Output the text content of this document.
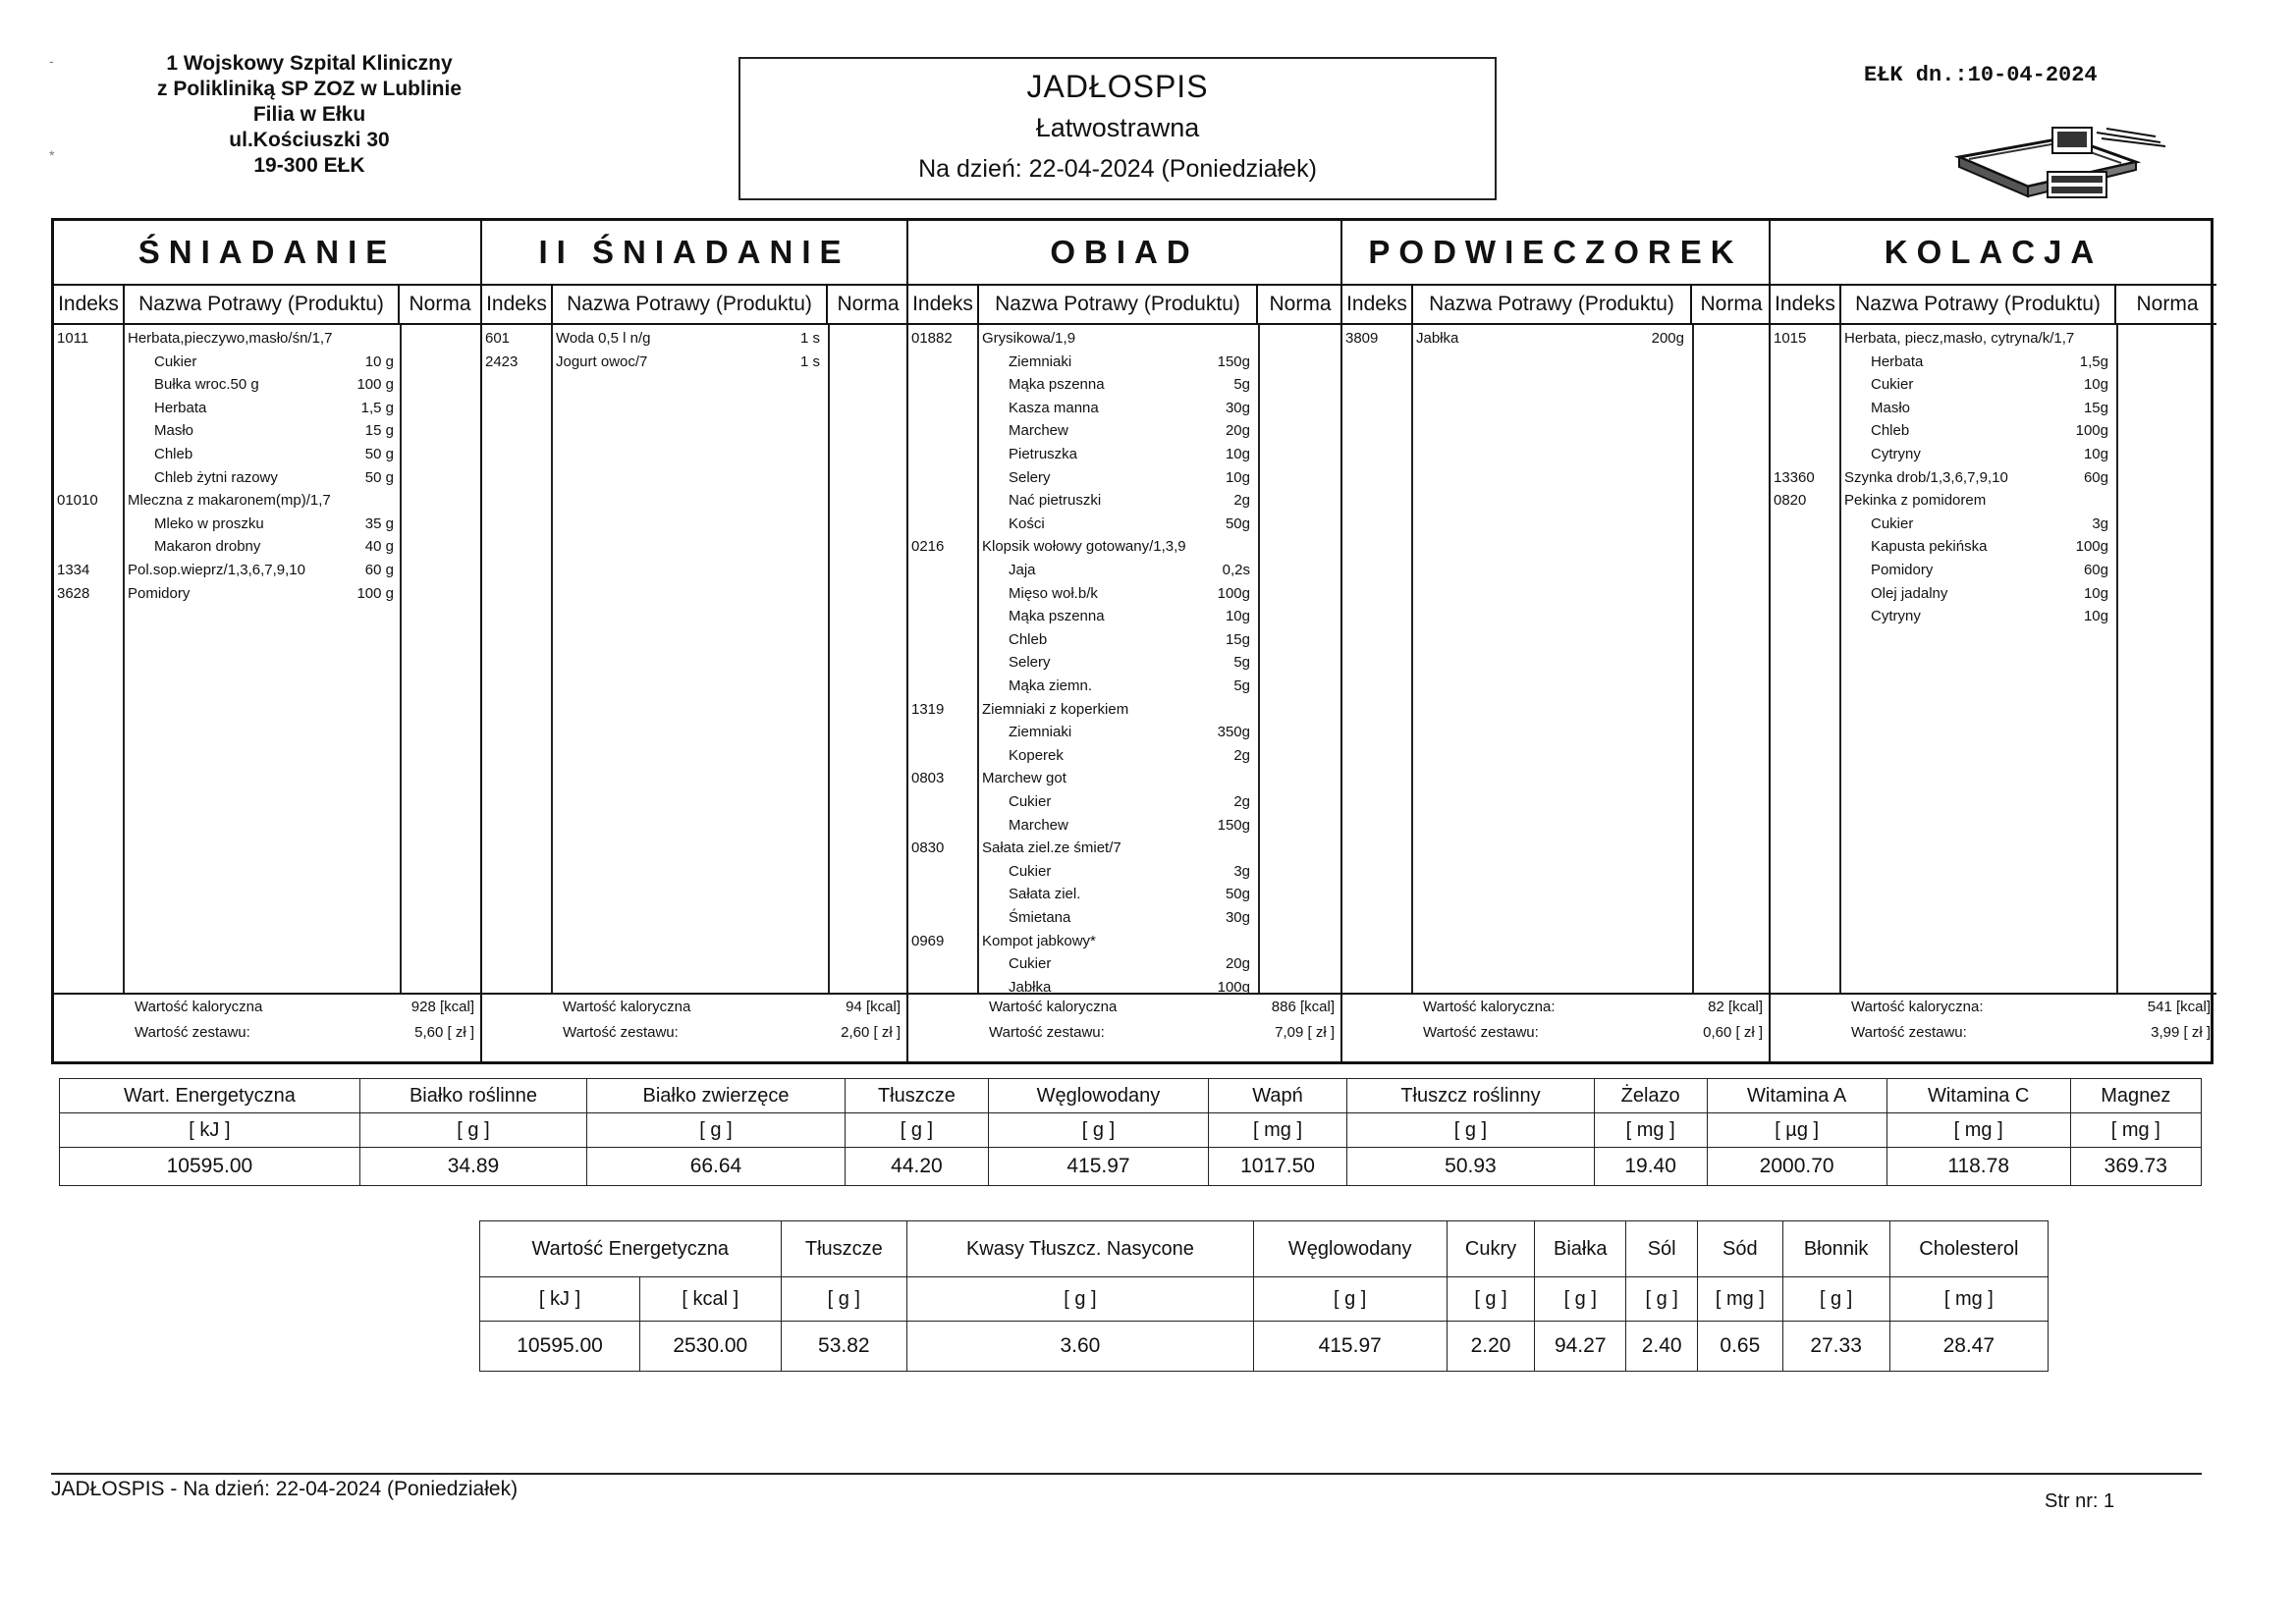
-
*
1 Wojskowy Szpital Kliniczny
z Polikliniką SP ZOZ w Lublinie
Filia w Ełku
ul.Kościuszki 30
19-300 EŁK
JADŁOSPIS
Łatwostrawna
Na dzień: 22-04-2024 (Poniedziałek)
EŁK dn.:10-04-2024
ŚNIADANIE
Indeks Nazwa Potrawy (Produktu)	Norma
1011	Herbata,pieczywo,masło/śn/1,7
Cukier	10 g
Bułka wroc.50 g	100 g
Herbata	1,5 g
Masło	15 g
Chleb	50 g
Chleb żytni razowy	50 g
01010 Mleczna z makaronem(mp)/1,7
Mleko w proszku	35 g
Makaron drobny	40 g
1334	Pol.sop.wieprz/1,3,6,7,9,10	60 g
3628	Pomidory	100 g
Wartość kaloryczna	928 [kcal]
Wartość zestawu:	5,60 [ zł ]
II ŚNIADANIE
Indeks Nazwa Potrawy (Produktu)	Norma
601	Woda 0,5 l n/g	1 s
2423	Jogurt owoc/7	1 s
Wartość kaloryczna	94 [kcal]
Wartość zestawu:	2,60 [ zł ]
OBIAD
Indeks	Nazwa Potrawy (Produktu)	Norma
01882 Grysikowa/1,9
Ziemniaki	150g
Mąka pszenna	5g
Kasza manna	30g
Marchew	20g
Pietruszka	10g
Selery	10g
Nać pietruszki	2g
Kości	50g
0216	Klopsik wołowy gotowany/1,3,9
Jaja	0,2s
Mięso woł.b/k	100g
Mąka pszenna	10g
Chleb	15g
Selery	5g
Mąka ziemn.	5g
1319	Ziemniaki z koperkiem
Ziemniaki	350g
Koperek	2g
0803	Marchew got
Cukier	2g
Marchew	150g
0830	Sałata ziel.ze śmiet/7
Cukier	3g
Sałata ziel.	50g
Śmietana	30g
0969	Kompot jabkowy*
Cukier	20g
Jabłka	100g
Wartość kaloryczna	886 [kcal]
Wartość zestawu:	7,09 [ zł ]
PODWIECZOREK
Indeks	Nazwa Potrawy (Produktu)	Norma
3809	Jabłka	200g
Wartość kaloryczna:	82 [kcal]
Wartość zestawu:	0,60 [ zł ]
KOLACJA
Indeks Nazwa Potrawy (Produktu)	Norma
1015	Herbata, piecz,masło, cytryna/k/1,7
Herbata	1,5g
Cukier	10g
Masło	15g
Chleb	100g
Cytryny	10g
13360 Szynka drob/1,3,6,7,9,10	60g
0820	Pekinka z pomidorem
Cukier	3g
Kapusta pekińska	100g
Pomidory	60g
Olej jadalny	10g
Cytryny	10g
Wartość kaloryczna:	541 [kcal]
Wartość zestawu:	3,99 [ zł ]
Wart. Energetyczna	Białko roślinne	Białko zwierzęce	Tłuszcze	Węglowodany	Wapń	Tłuszcz roślinny	Żelazo	Witamina A	Witamina C	Magnez
[ kJ ]	[ g ]	[ g ]	[ g ]	[ g ]	[ mg ]	[ g ]	[ mg ]	[ µg ]	[ mg ]	[ mg ]
10595.00	34.89	66.64	44.20	415.97	1017.50	50.93	19.40	2000.70	118.78	369.73
Wartość Energetyczna		Tłuszcze	Kwasy Tłuszcz. Nasycone	Węglowodany	Cukry	Białka	Sól	Sód	Błonnik	Cholesterol
[ kJ ]	[ kcal ]	[ g ]	[ g ]	[ g ]	[ g ]	[ g ]	[ g ]	[ mg ]	[ g ]	[ mg ]
10595.00	2530.00	53.82	3.60	415.97	2.20	94.27	2.40	0.65	27.33	28.47
JADŁOSPIS - Na dzień: 22-04-2024 (Poniedziałek)
Str nr: 1
